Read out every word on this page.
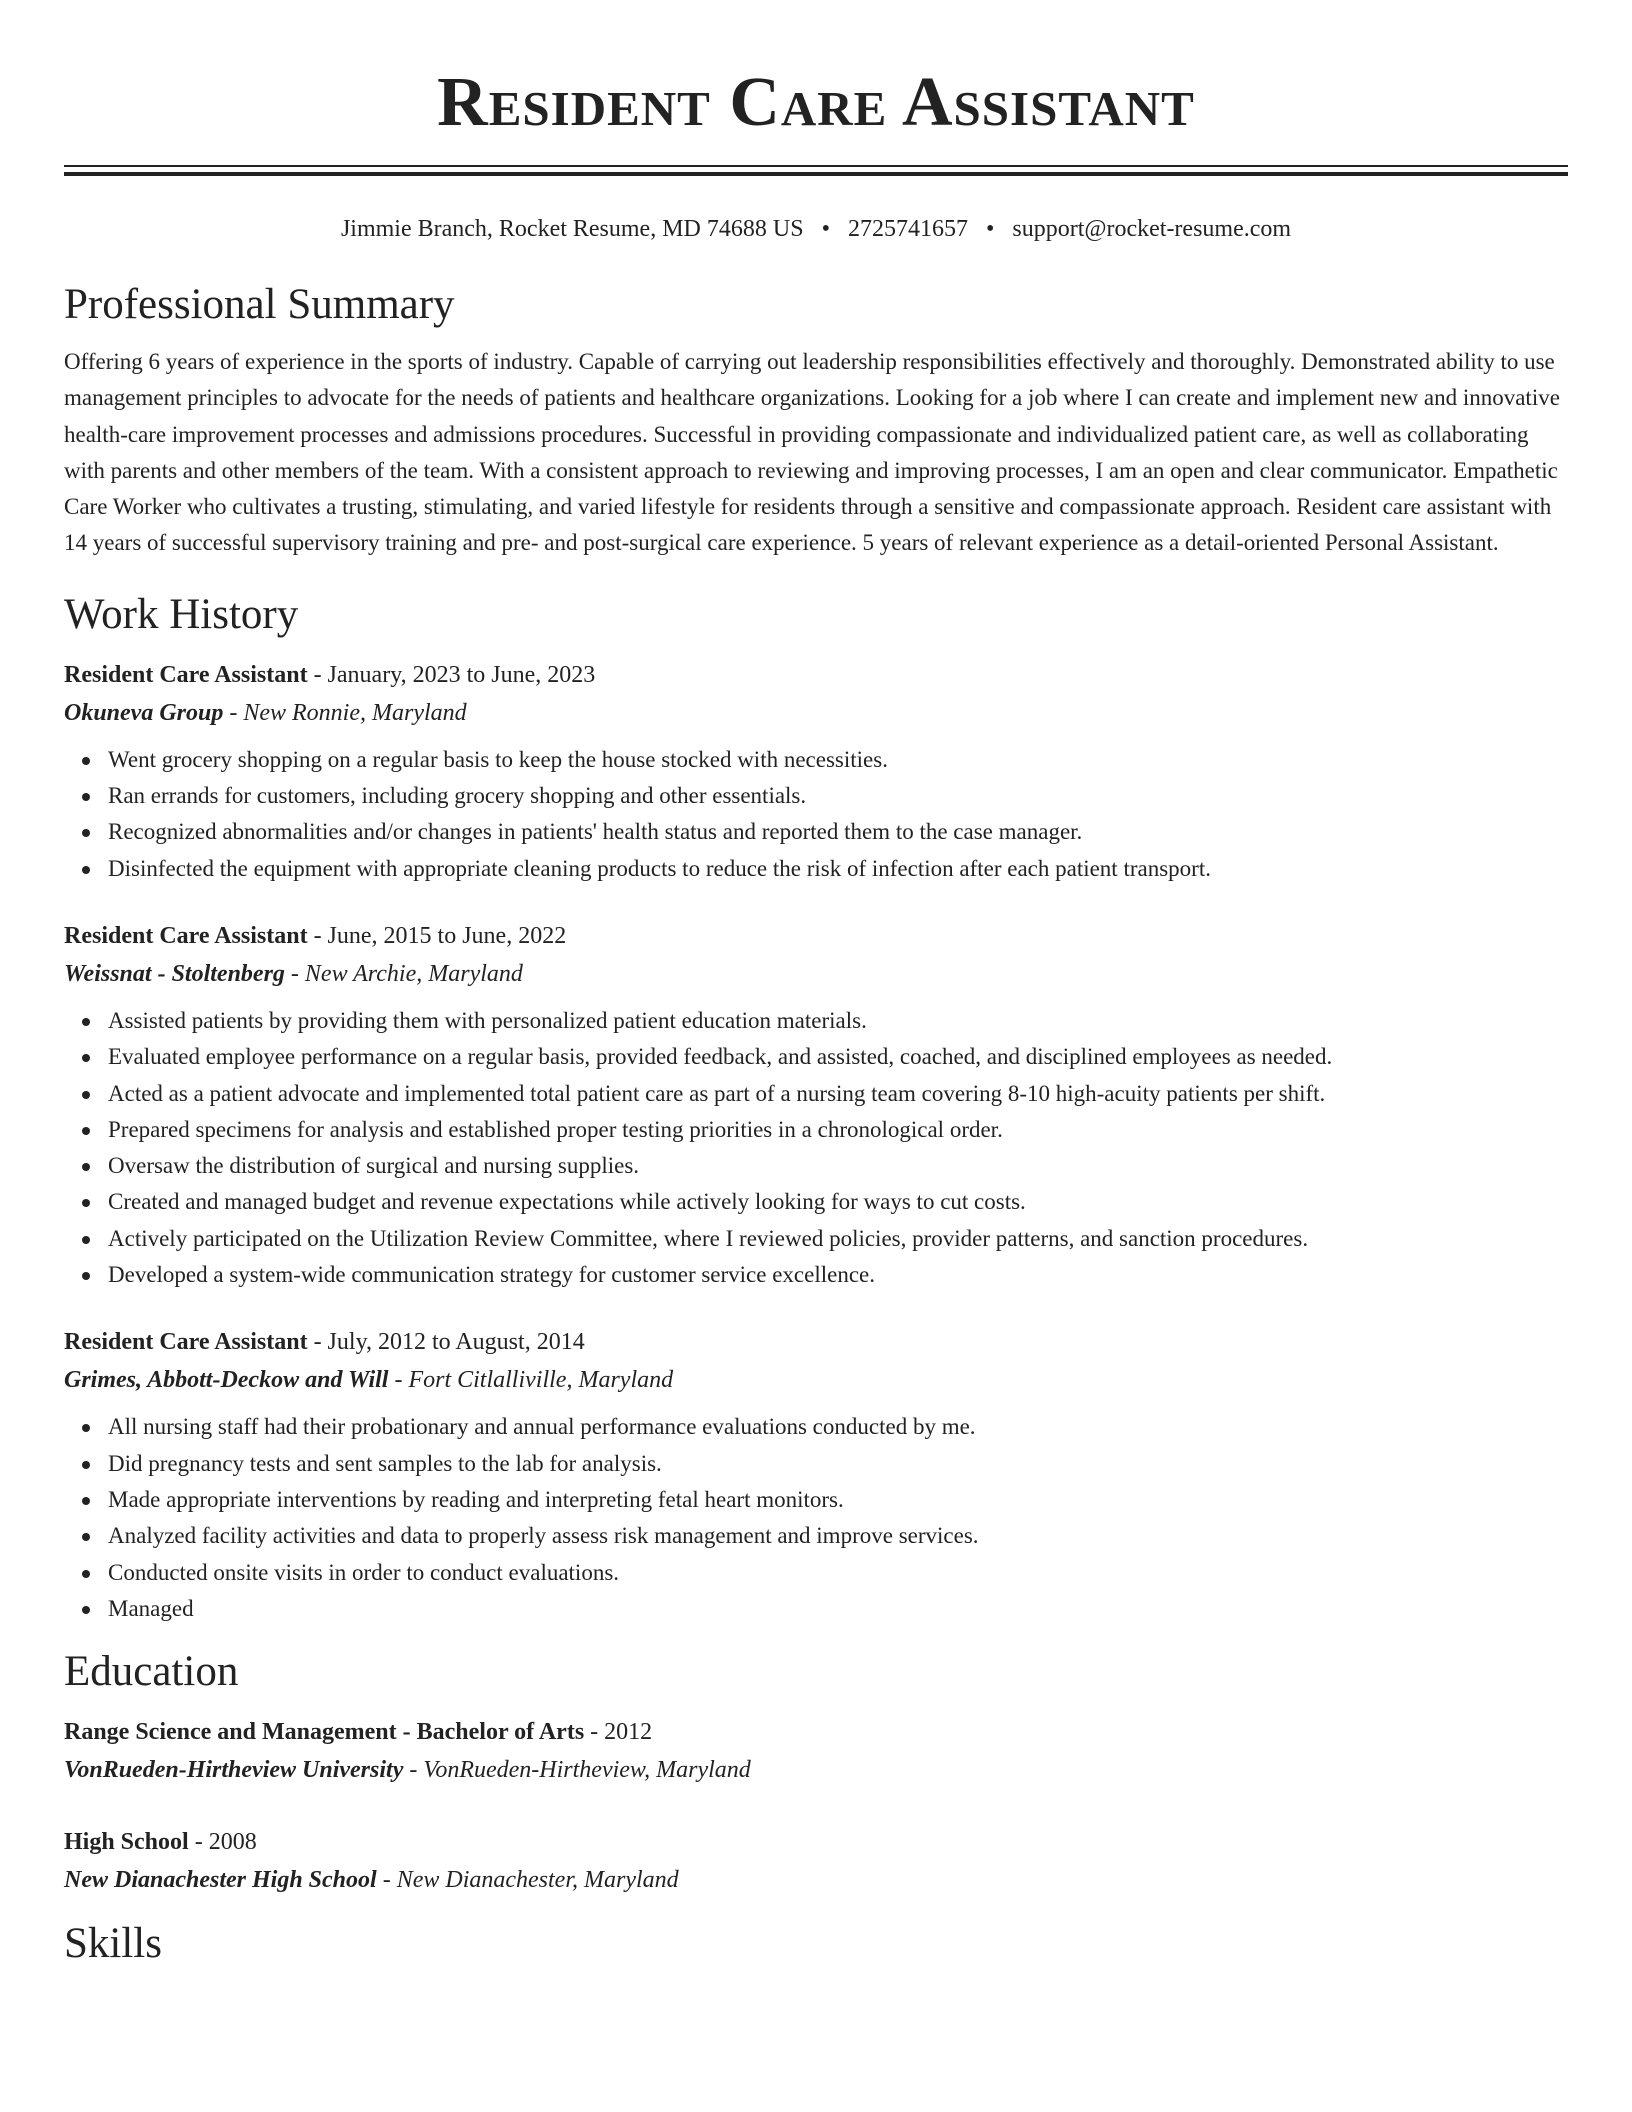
Resident Care Assistant
Jimmie Branch, Rocket Resume, MD 74688 US • 2725741657 • support@rocket-resume.com
Professional Summary

Offering 6 years of experience in the sports of industry. Capable of carrying out leadership responsibilities effectively and thoroughly. Demonstrated ability to use management principles to advocate for the needs of patients and healthcare organizations. Looking for a job where I can create and implement new and innovative health-care improvement processes and admissions procedures. Successful in providing compassionate and individualized patient care, as well as collaborating with parents and other members of the team. With a consistent approach to reviewing and improving processes, I am an open and clear communicator. Empathetic Care Worker who cultivates a trusting, stimulating, and varied lifestyle for residents through a sensitive and compassionate approach. Resident care assistant with 14 years of successful supervisory training and pre- and post-surgical care experience. 5 years of relevant experience as a detail-oriented Personal Assistant.

Work History
Resident Care Assistant - January, 2023 to June, 2023
Okuneva Group - New Ronnie, Maryland
Went grocery shopping on a regular basis to keep the house stocked with necessities.
Ran errands for customers, including grocery shopping and other essentials.
Recognized abnormalities and/or changes in patients' health status and reported them to the case manager.
Disinfected the equipment with appropriate cleaning products to reduce the risk of infection after each patient transport.
Resident Care Assistant - June, 2015 to June, 2022
Weissnat - Stoltenberg - New Archie, Maryland
Assisted patients by providing them with personalized patient education materials.
Evaluated employee performance on a regular basis, provided feedback, and assisted, coached, and disciplined employees as needed.
Acted as a patient advocate and implemented total patient care as part of a nursing team covering 8-10 high-acuity patients per shift.
Prepared specimens for analysis and established proper testing priorities in a chronological order.
Oversaw the distribution of surgical and nursing supplies.
Created and managed budget and revenue expectations while actively looking for ways to cut costs.
Actively participated on the Utilization Review Committee, where I reviewed policies, provider patterns, and sanction procedures.
Developed a system-wide communication strategy for customer service excellence.
Resident Care Assistant - July, 2012 to August, 2014
Grimes, Abbott-Deckow and Will - Fort Citlalliville, Maryland
All nursing staff had their probationary and annual performance evaluations conducted by me.
Did pregnancy tests and sent samples to the lab for analysis.
Made appropriate interventions by reading and interpreting fetal heart monitors.
Analyzed facility activities and data to properly assess risk management and improve services.
Conducted onsite visits in order to conduct evaluations.
Managed
Education
Range Science and Management - Bachelor of Arts - 2012
VonRueden-Hirtheview University - VonRueden-Hirtheview, Maryland
High School - 2008
New Dianachester High School - New Dianachester, Maryland
Skills
